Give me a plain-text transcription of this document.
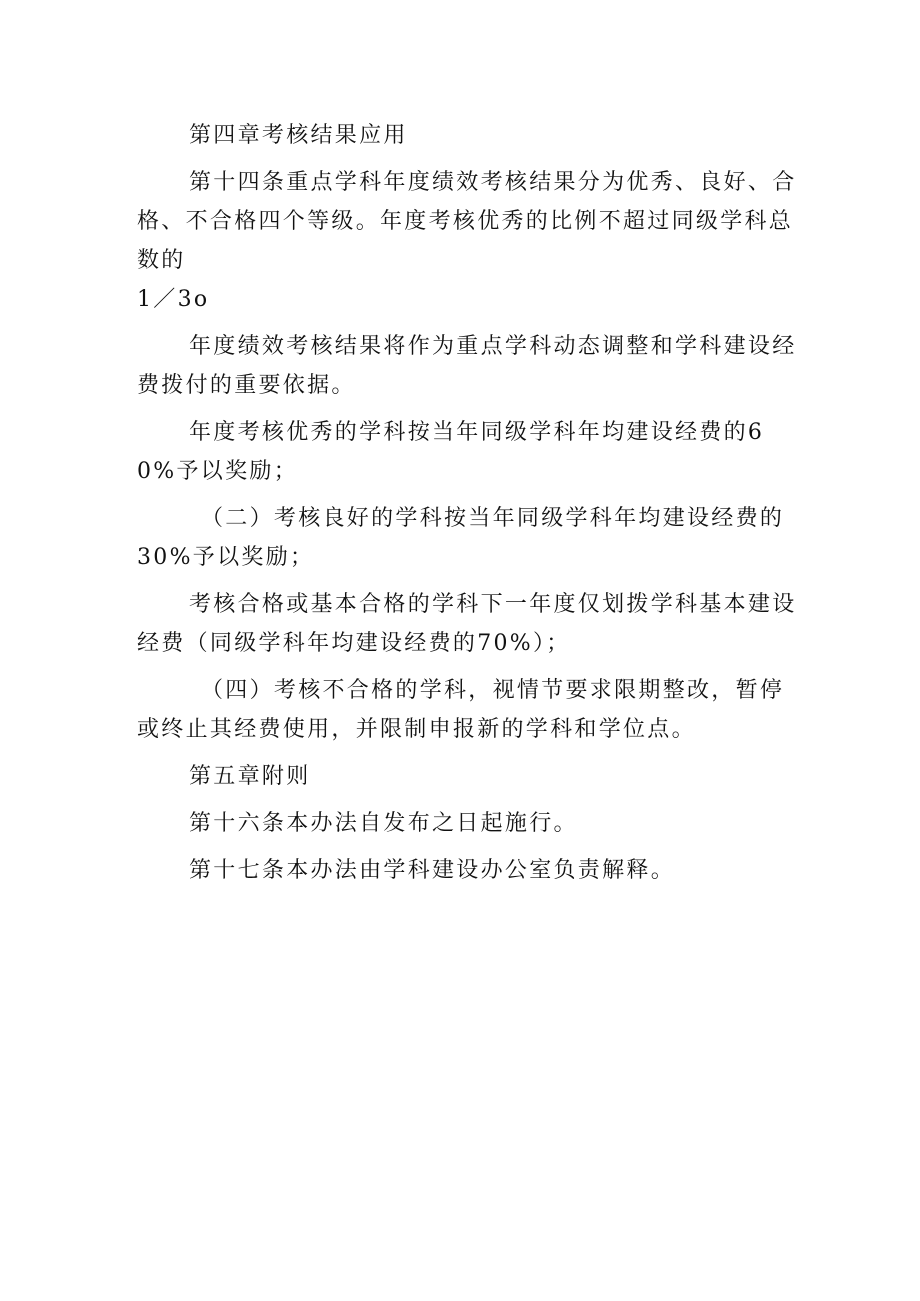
第四章考核结果应用

第十四条重点学科年度绩效考核结果分为优秀、良好、合格、不合格四个等级。年度考核优秀的比例不超过同级学科总数的

1／3o

年度绩效考核结果将作为重点学科动态调整和学科建设经费拨付的重要依据。

年度考核优秀的学科按当年同级学科年均建设经费的60%予以奖励；

（二）考核良好的学科按当年同级学科年均建设经费的30%予以奖励；

考核合格或基本合格的学科下一年度仅划拨学科基本建设经费（同级学科年均建设经费的70%）；

（四）考核不合格的学科，视情节要求限期整改，暂停或终止其经费使用，并限制申报新的学科和学位点。

第五章附则

第十六条本办法自发布之日起施行。

第十七条本办法由学科建设办公室负责解释。
